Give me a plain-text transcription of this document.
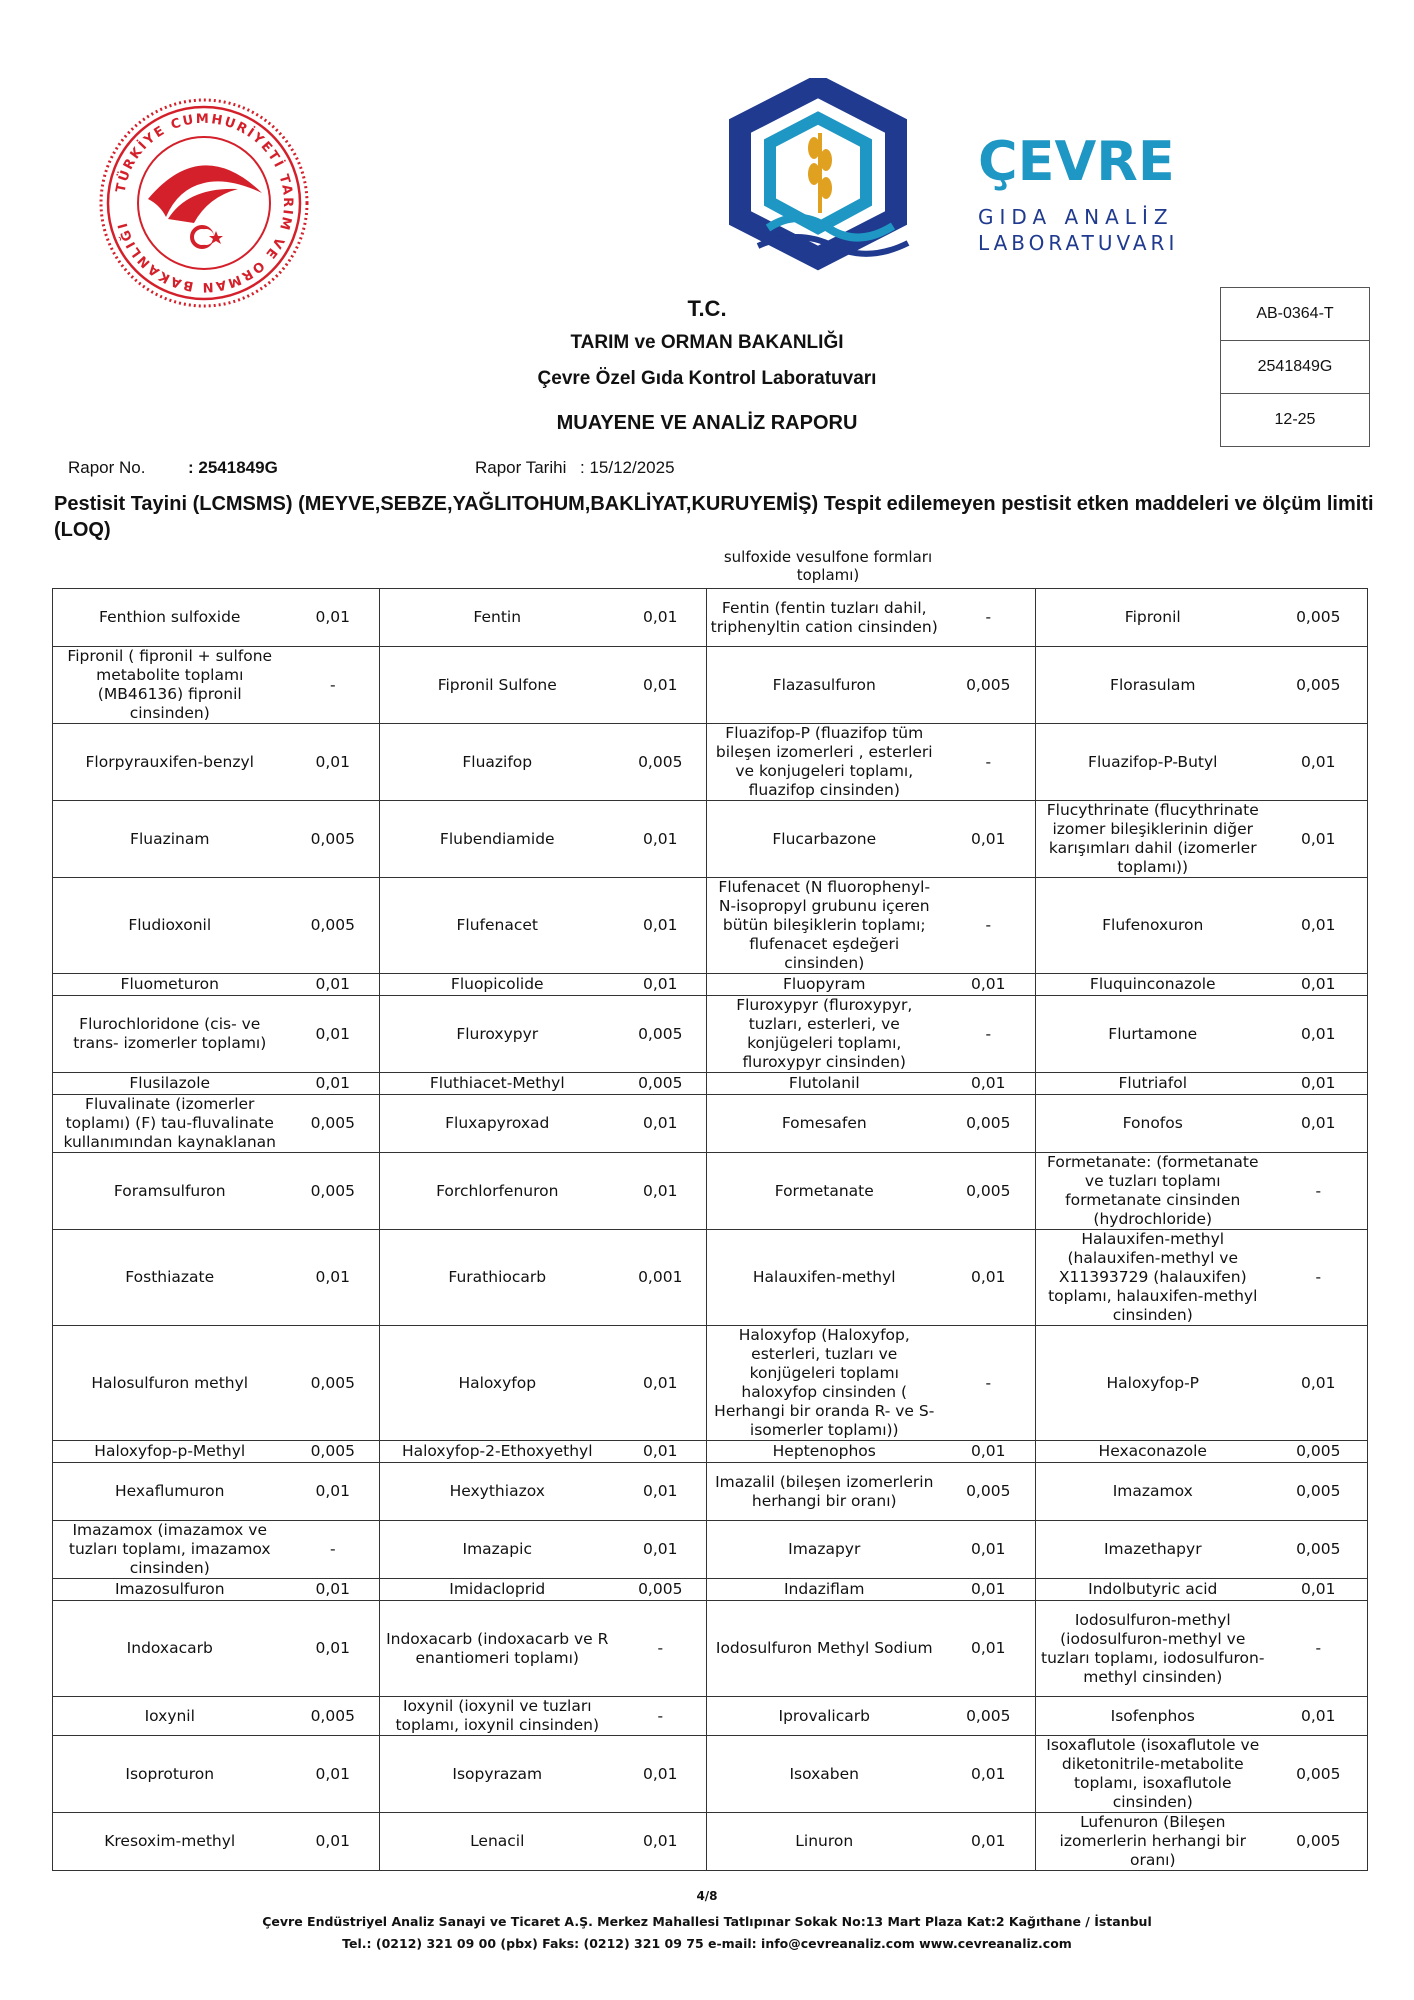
TÜRKİYE CUMHURİYETİ TARIM VE ORMAN BAKANLIĞI
ÇEVRE
GIDA ANALİZ
LABORATUVARI
T.C.
TARIM ve ORMAN BAKANLIĞI
Çevre Özel Gıda Kontrol Laboratuvarı
MUAYENE VE ANALİZ RAPORU
AB-0364-T
2541849G
12-25
Rapor No.	: 2541849G	Rapor Tarihi : 15/12/2025
Pestisit Tayini (LCMSMS) (MEYVE,SEBZE,YAĞLITOHUM,BAKLİYAT,KURUYEMİŞ) Tespit edilemeyen pestisit etken maddeleri ve ölçüm limiti (LOQ)
sulfoxide vesulfone formları toplamı)
Fenthion sulfoxide	0,01	Fentin	0,01	Fentin (fentin tuzları dahil, triphenyltin cation cinsinden)	-	Fipronil	0,005
Fipronil ( fipronil + sulfone metabolite toplamı (MB46136) fipronil cinsinden)	-	Fipronil Sulfone	0,01	Flazasulfuron	0,005	Florasulam	0,005
Florpyrauxifen-benzyl	0,01	Fluazifop	0,005	Fluazifop-P (fluazifop tüm bileşen izomerleri , esterleri ve konjugeleri toplamı, fluazifop cinsinden)	-	Fluazifop-P-Butyl	0,01
Fluazinam	0,005	Flubendiamide	0,01	Flucarbazone	0,01	Flucythrinate (flucythrinate izomer bileşiklerinin diğer karışımları dahil (izomerler toplamı))	0,01
Fludioxonil	0,005	Flufenacet	0,01	Flufenacet (N fluorophenyl-N-isopropyl grubunu içeren bütün bileşiklerin toplamı; flufenacet eşdeğeri cinsinden)	-	Flufenoxuron	0,01
Fluometuron	0,01	Fluopicolide	0,01	Fluopyram	0,01	Fluquinconazole	0,01
Flurochloridone (cis- ve trans- izomerler toplamı)	0,01	Fluroxypyr	0,005	Fluroxypyr (fluroxypyr, tuzları, esterleri, ve konjügeleri toplamı, fluroxypyr cinsinden)	-	Flurtamone	0,01
Flusilazole	0,01	Fluthiacet-Methyl	0,005	Flutolanil	0,01	Flutriafol	0,01
Fluvalinate (izomerler toplamı) (F) tau-fluvalinate kullanımından kaynaklanan	0,005	Fluxapyroxad	0,01	Fomesafen	0,005	Fonofos	0,01
Foramsulfuron	0,005	Forchlorfenuron	0,01	Formetanate	0,005	Formetanate: (formetanate ve tuzları toplamı formetanate cinsinden (hydrochloride)	-
Fosthiazate	0,01	Furathiocarb	0,001	Halauxifen-methyl	0,01	Halauxifen-methyl (halauxifen-methyl ve X11393729 (halauxifen) toplamı, halauxifen-methyl cinsinden)	-
Halosulfuron methyl	0,005	Haloxyfop	0,01	Haloxyfop (Haloxyfop, esterleri, tuzları ve konjügeleri toplamı haloxyfop cinsinden ( Herhangi bir oranda R- ve S- isomerler toplamı))	-	Haloxyfop-P	0,01
Haloxyfop-p-Methyl	0,005	Haloxyfop-2-Ethoxyethyl	0,01	Heptenophos	0,01	Hexaconazole	0,005
Hexaflumuron	0,01	Hexythiazox	0,01	Imazalil (bileşen izomerlerin herhangi bir oranı)	0,005	Imazamox	0,005
Imazamox (imazamox ve tuzları toplamı, imazamox cinsinden)	-	Imazapic	0,01	Imazapyr	0,01	Imazethapyr	0,005
Imazosulfuron	0,01	Imidacloprid	0,005	Indaziflam	0,01	Indolbutyric acid	0,01
Indoxacarb	0,01	Indoxacarb (indoxacarb ve R enantiomeri toplamı)	-	Iodosulfuron Methyl Sodium	0,01	Iodosulfuron-methyl (iodosulfuron-methyl ve tuzları toplamı, iodosulfuron-methyl cinsinden)	-
Ioxynil	0,005	Ioxynil (ioxynil ve tuzları toplamı, ioxynil cinsinden)	-	Iprovalicarb	0,005	Isofenphos	0,01
Isoproturon	0,01	Isopyrazam	0,01	Isoxaben	0,01	Isoxaflutole (isoxaflutole ve diketonitrile-metabolite toplamı, isoxaflutole cinsinden)	0,005
Kresoxim-methyl	0,01	Lenacil	0,01	Linuron	0,01	Lufenuron (Bileşen izomerlerin herhangi bir oranı)	0,005
4/8
Çevre Endüstriyel Analiz Sanayi ve Ticaret A.Ş. Merkez Mahallesi Tatlıpınar Sokak No:13 Mart Plaza Kat:2 Kağıthane / İstanbul
Tel.: (0212) 321 09 00 (pbx) Faks: (0212) 321 09 75 e-mail: info@cevreanaliz.com www.cevreanaliz.com
